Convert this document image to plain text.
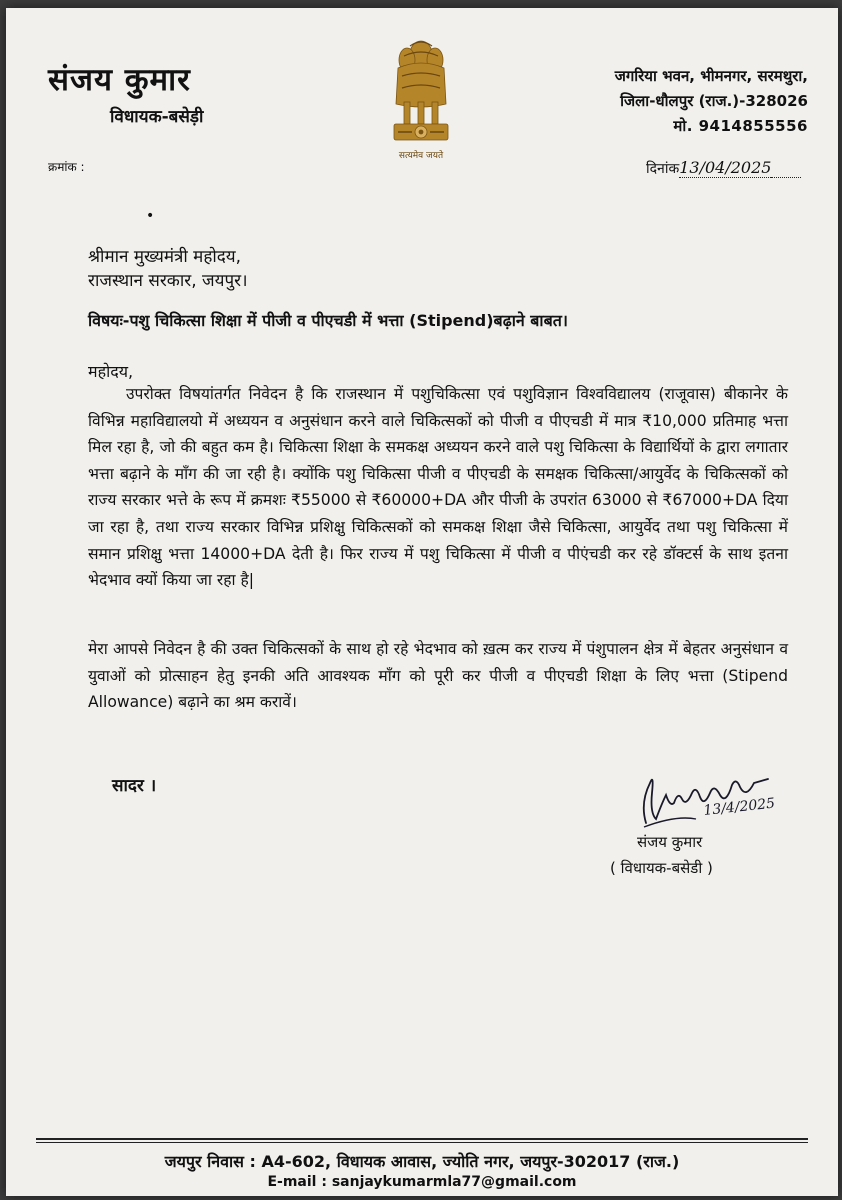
संजय कुमार
विधायक-बसेड़ी
सत्यमेव जयते
जगरिया भवन, भीमनगर, सरमथुरा,
जिला-धौलपुर (राज.)-328026
मो. 9414855556
क्रमांक :	दिनांक13/04/2025
•
श्रीमान मुख्यमंत्री महोदय,
राजस्थान सरकार, जयपुर।
विषयः-पशु चिकित्सा शिक्षा में पीजी व पीएचडी में भत्ता (Stipend)बढ़ाने बाबत।
महोदय,
उपरोक्त विषयांतर्गत निवेदन है कि राजस्थान में पशुचिकित्सा एवं पशुविज्ञान विश्वविद्यालय (राजूवास) बीकानेर के विभिन्न महाविद्यालयो में अध्ययन व अनुसंधान करने वाले चिकित्सकों को पीजी व पीएचडी में मात्र ₹10,000 प्रतिमाह भत्ता मिल रहा है, जो की बहुत कम है। चिकित्सा शिक्षा के समकक्ष अध्ययन करने वाले पशु चिकित्सा के विद्यार्थियों के द्वारा लगातार भत्ता बढ़ाने के माँग की जा रही है। क्योंकि पशु चिकित्सा पीजी व पीएचडी के समक्षक चिकित्सा/आयुर्वेद के चिकित्सकों को राज्य सरकार भत्ते के रूप में क्रमशः ₹55000 से ₹60000+DA और पीजी के उपरांत 63000 से ₹67000+DA दिया जा रहा है, तथा राज्य सरकार विभिन्न प्रशिक्षु चिकित्सकों को समकक्ष शिक्षा जैसे चिकित्सा, आयुर्वेद तथा पशु चिकित्सा में समान प्रशिक्षु भत्ता 14000+DA देती है। फिर राज्य में पशु चिकित्सा में पीजी व पीएंचडी कर रहे डॉक्टर्स के साथ इतना भेदभाव क्यों किया जा रहा है|
मेरा आपसे निवेदन है की उक्त चिकित्सकों के साथ हो रहे भेदभाव को ख़त्म कर राज्य में पंशुपालन क्षेत्र में बेहतर अनुसंधान व युवाओं को प्रोत्साहन हेतु इनकी अति आवश्यक माँग को पूरी कर पीजी व पीएचडी शिक्षा के लिए भत्ता (Stipend Allowance) बढ़ाने का श्रम करावें।
सादर ।
13/4/2025
संजय कुमार
( विधायक-बसेडी )
जयपुर निवास : A4-602, विधायक आवास, ज्योति नगर, जयपुर-302017 (राज.)
E-mail : sanjaykumarmla77@gmail.com
